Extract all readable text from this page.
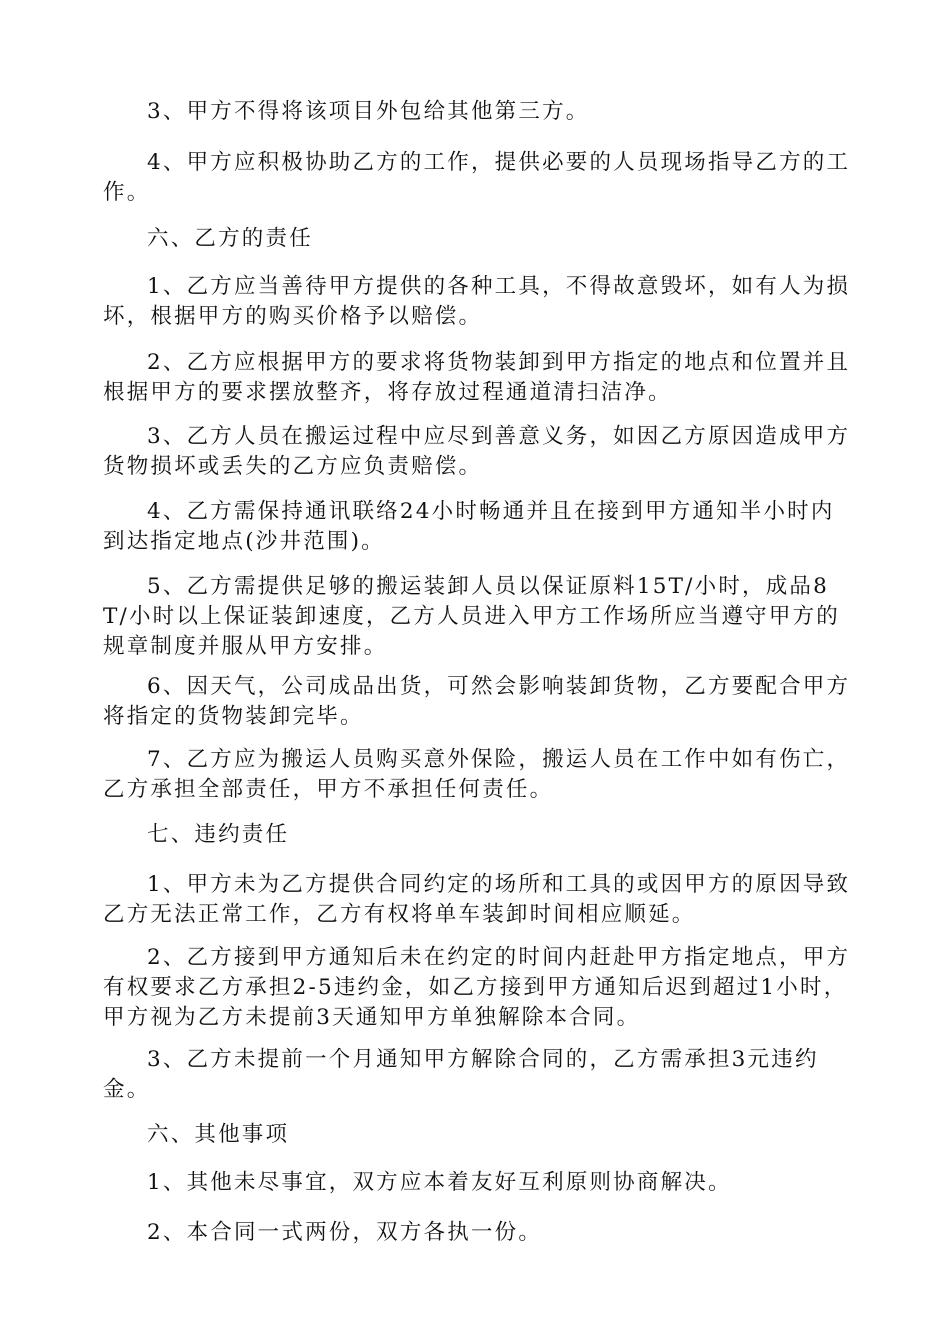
3、甲方不得将该项目外包给其他第三方。

4、甲方应积极协助乙方的工作，提供必要的人员现场指导乙方的工作。

六、乙方的责任

1、乙方应当善待甲方提供的各种工具，不得故意毁坏，如有人为损坏，根据甲方的购买价格予以赔偿。

2、乙方应根据甲方的要求将货物装卸到甲方指定的地点和位置并且根据甲方的要求摆放整齐，将存放过程通道清扫洁净。

3、乙方人员在搬运过程中应尽到善意义务，如因乙方原因造成甲方货物损坏或丢失的乙方应负责赔偿。

4、乙方需保持通讯联络24小时畅通并且在接到甲方通知半小时内到达指定地点(沙井范围)。

5、乙方需提供足够的搬运装卸人员以保证原料15T/小时，成品8T/小时以上保证装卸速度，乙方人员进入甲方工作场所应当遵守甲方的规章制度并服从甲方安排。

6、因天气，公司成品出货，可然会影响装卸货物，乙方要配合甲方将指定的货物装卸完毕。

7、乙方应为搬运人员购买意外保险，搬运人员在工作中如有伤亡，乙方承担全部责任，甲方不承担任何责任。

七、违约责任

1、甲方未为乙方提供合同约定的场所和工具的或因甲方的原因导致乙方无法正常工作，乙方有权将单车装卸时间相应顺延。

2、乙方接到甲方通知后未在约定的时间内赶赴甲方指定地点，甲方有权要求乙方承担2-5违约金，如乙方接到甲方通知后迟到超过1小时，甲方视为乙方未提前3天通知甲方单独解除本合同。

3、乙方未提前一个月通知甲方解除合同的，乙方需承担3元违约金。

六、其他事项

1、其他未尽事宜，双方应本着友好互利原则协商解决。

2、本合同一式两份，双方各执一份。
